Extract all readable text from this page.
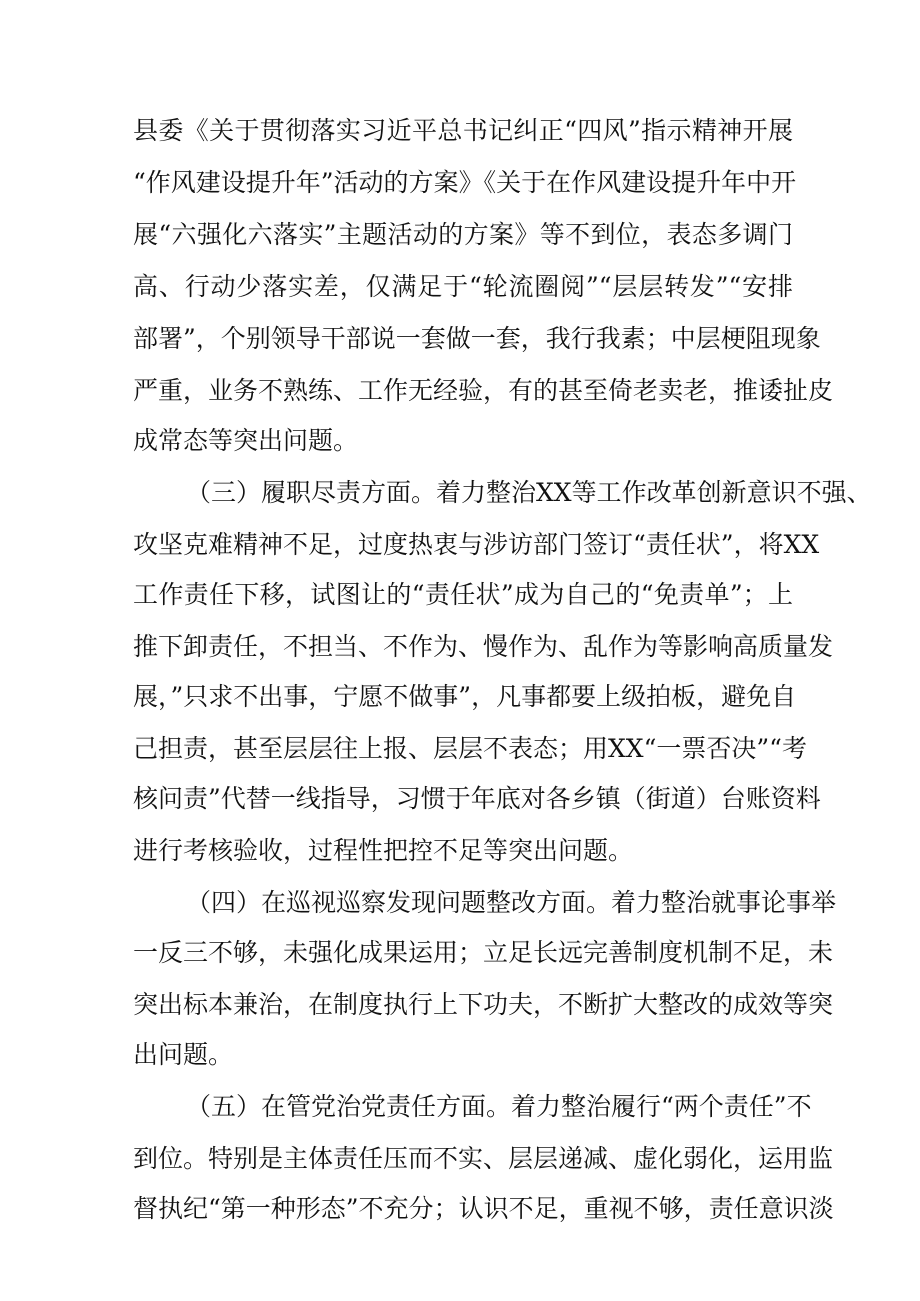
县委《关于贯彻落实习近平总书记纠正“四风”指示精神开展
“作风建设提升年”活动的方案》《关于在作风建设提升年中开
展“六强化六落实”主题活动的方案》等不到位，表态多调门
高、行动少落实差，仅满足于“轮流圈阅”“层层转发”“安排
部署”，个别领导干部说一套做一套，我行我素；中层梗阻现象
严重，业务不熟练、工作无经验，有的甚至倚老卖老，推诿扯皮
成常态等突出问题。
（三）履职尽责方面。着力整治XX等工作改革创新意识不强、
攻坚克难精神不足，过度热衷与涉访部门签订“责任状”，将XX
工作责任下移，试图让的“责任状”成为自己的“免责单”；上
推下卸责任，不担当、不作为、慢作为、乱作为等影响高质量发
展，”只求不出事，宁愿不做事”，凡事都要上级拍板，避免自
己担责，甚至层层往上报、层层不表态；用XX“一票否决”“考
核问责”代替一线指导，习惯于年底对各乡镇（街道）台账资料
进行考核验收，过程性把控不足等突出问题。
（四）在巡视巡察发现问题整改方面。着力整治就事论事举
一反三不够，未强化成果运用；立足长远完善制度机制不足，未
突出标本兼治，在制度执行上下功夫，不断扩大整改的成效等突
出问题。
（五）在管党治党责任方面。着力整治履行“两个责任”不
到位。特别是主体责任压而不实、层层递减、虚化弱化，运用监
督执纪“第一种形态”不充分；认识不足，重视不够，责任意识淡
